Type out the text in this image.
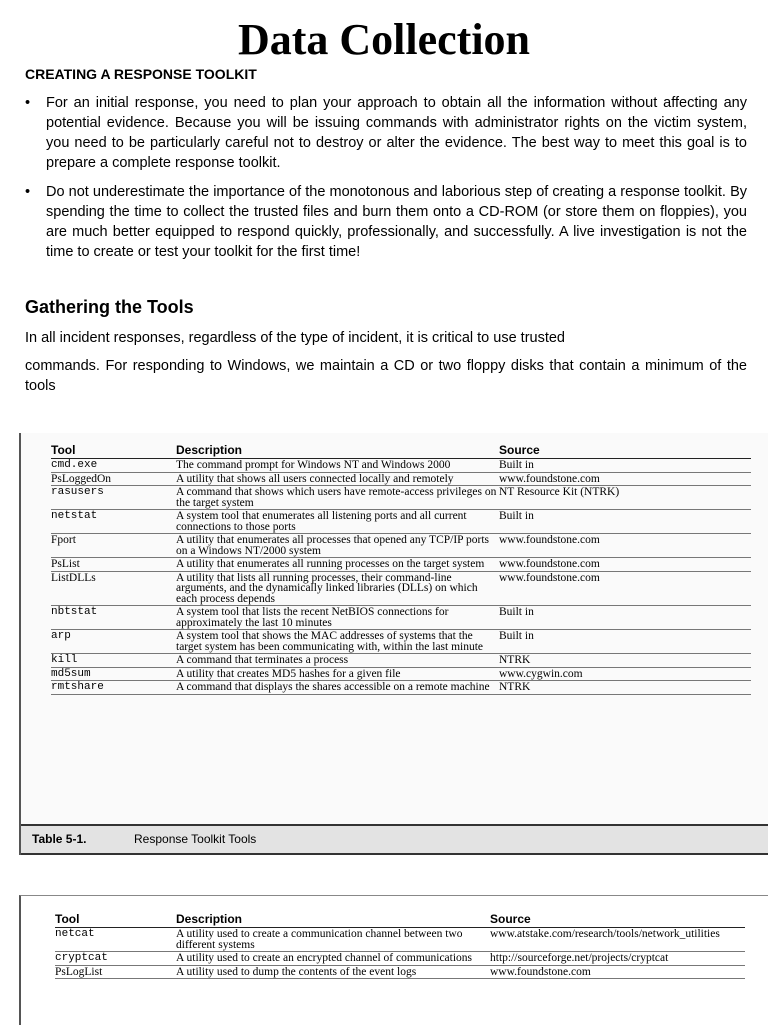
Data Collection
CREATING A RESPONSE TOOLKIT
• For an initial response, you need to plan your approach to obtain all the information without affecting any potential evidence. Because you will be issuing commands with administrator rights on the victim system, you need to be particularly careful not to destroy or alter the evidence. The best way to meet this goal is to prepare a complete response toolkit.
• Do not underestimate the importance of the monotonous and laborious step of creating a response toolkit. By spending the time to collect the trusted files and burn them onto a CD-ROM (or store them on floppies), you are much better equipped to respond quickly, professionally, and successfully. A live investigation is not the time to create or test your toolkit for the first time!
Gathering the Tools
In all incident responses, regardless of the type of incident, it is critical to use trusted
commands. For responding to Windows, we maintain a CD or two floppy disks that contain a minimum of the tools
Tool	Description	Source
cmd.exe	The command prompt for Windows NT and Windows 2000	Built in
PsLoggedOn	A utility that shows all users connected locally and remotely	www.foundstone.com
rasusers	A command that shows which users have remote-access privileges on the target system	NT Resource Kit (NTRK)
netstat	A system tool that enumerates all listening ports and all current connections to those ports	Built in
Fport	A utility that enumerates all processes that opened any TCP/IP ports on a Windows NT/2000 system	www.foundstone.com
PsList	A utility that enumerates all running processes on the target system	www.foundstone.com
ListDLLs	A utility that lists all running processes, their command-line arguments, and the dynamically linked libraries (DLLs) on which each process depends	www.foundstone.com
nbtstat	A system tool that lists the recent NetBIOS connections for approximately the last 10 minutes	Built in
arp	A system tool that shows the MAC addresses of systems that the target system has been communicating with, within the last minute	Built in
kill	A command that terminates a process	NTRK
md5sum	A utility that creates MD5 hashes for a given file	www.cygwin.com
rmtshare	A command that displays the shares accessible on a remote machine	NTRK
Table 5-1.	Response Toolkit Tools
Tool	Description	Source
netcat	A utility used to create a communication channel between two different systems	www.atstake.com/research/tools/network_utilities
cryptcat	A utility used to create an encrypted channel of communications	http://sourceforge.net/projects/cryptcat
PsLogList	A utility used to dump the contents of the event logs	www.foundstone.com
